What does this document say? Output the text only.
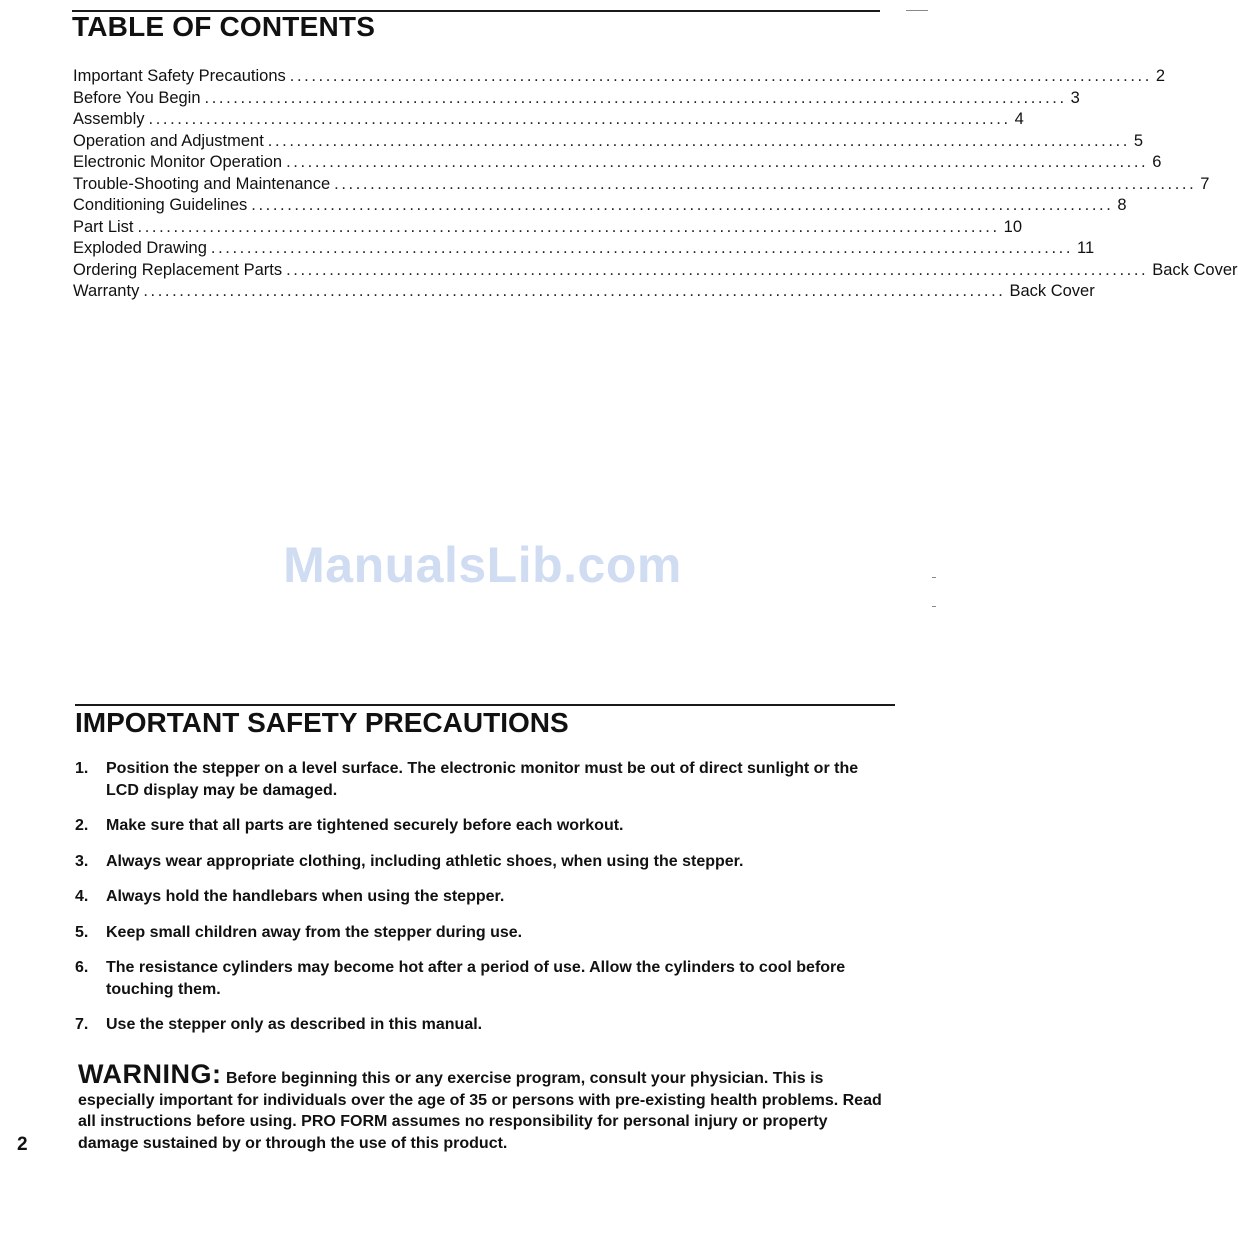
TABLE OF CONTENTS
Important Safety Precautions ........................................................................................................................ 2
Before You Begin ........................................................................................................................ 3
Assembly ........................................................................................................................ 4
Operation and Adjustment ........................................................................................................................ 5
Electronic Monitor Operation ........................................................................................................................ 6
Trouble-Shooting and Maintenance ........................................................................................................................ 7
Conditioning Guidelines ........................................................................................................................ 8
Part List ........................................................................................................................ 10
Exploded Drawing ........................................................................................................................ 11
Ordering Replacement Parts ........................................................................................................................ Back Cover
Warranty ........................................................................................................................ Back Cover
ManualsLib.com
IMPORTANT SAFETY PRECAUTIONS
1.	Position the stepper on a level surface. The electronic monitor must be out of direct sunlight or the LCD display may be damaged.
2.	Make sure that all parts are tightened securely before each workout.
3.	Always wear appropriate clothing, including athletic shoes, when using the stepper.
4.	Always hold the handlebars when using the stepper.
5.	Keep small children away from the stepper during use.
6.	The resistance cylinders may become hot after a period of use. Allow the cylinders to cool before touching them.
7.	Use the stepper only as described in this manual.

WARNING: Before beginning this or any exercise program, consult your physician. This is especially important for individuals over the age of 35 or persons with pre-existing health problems. Read all instructions before using. PRO FORM assumes no responsibility for personal injury or property damage sustained by or through the use of this product.

2
